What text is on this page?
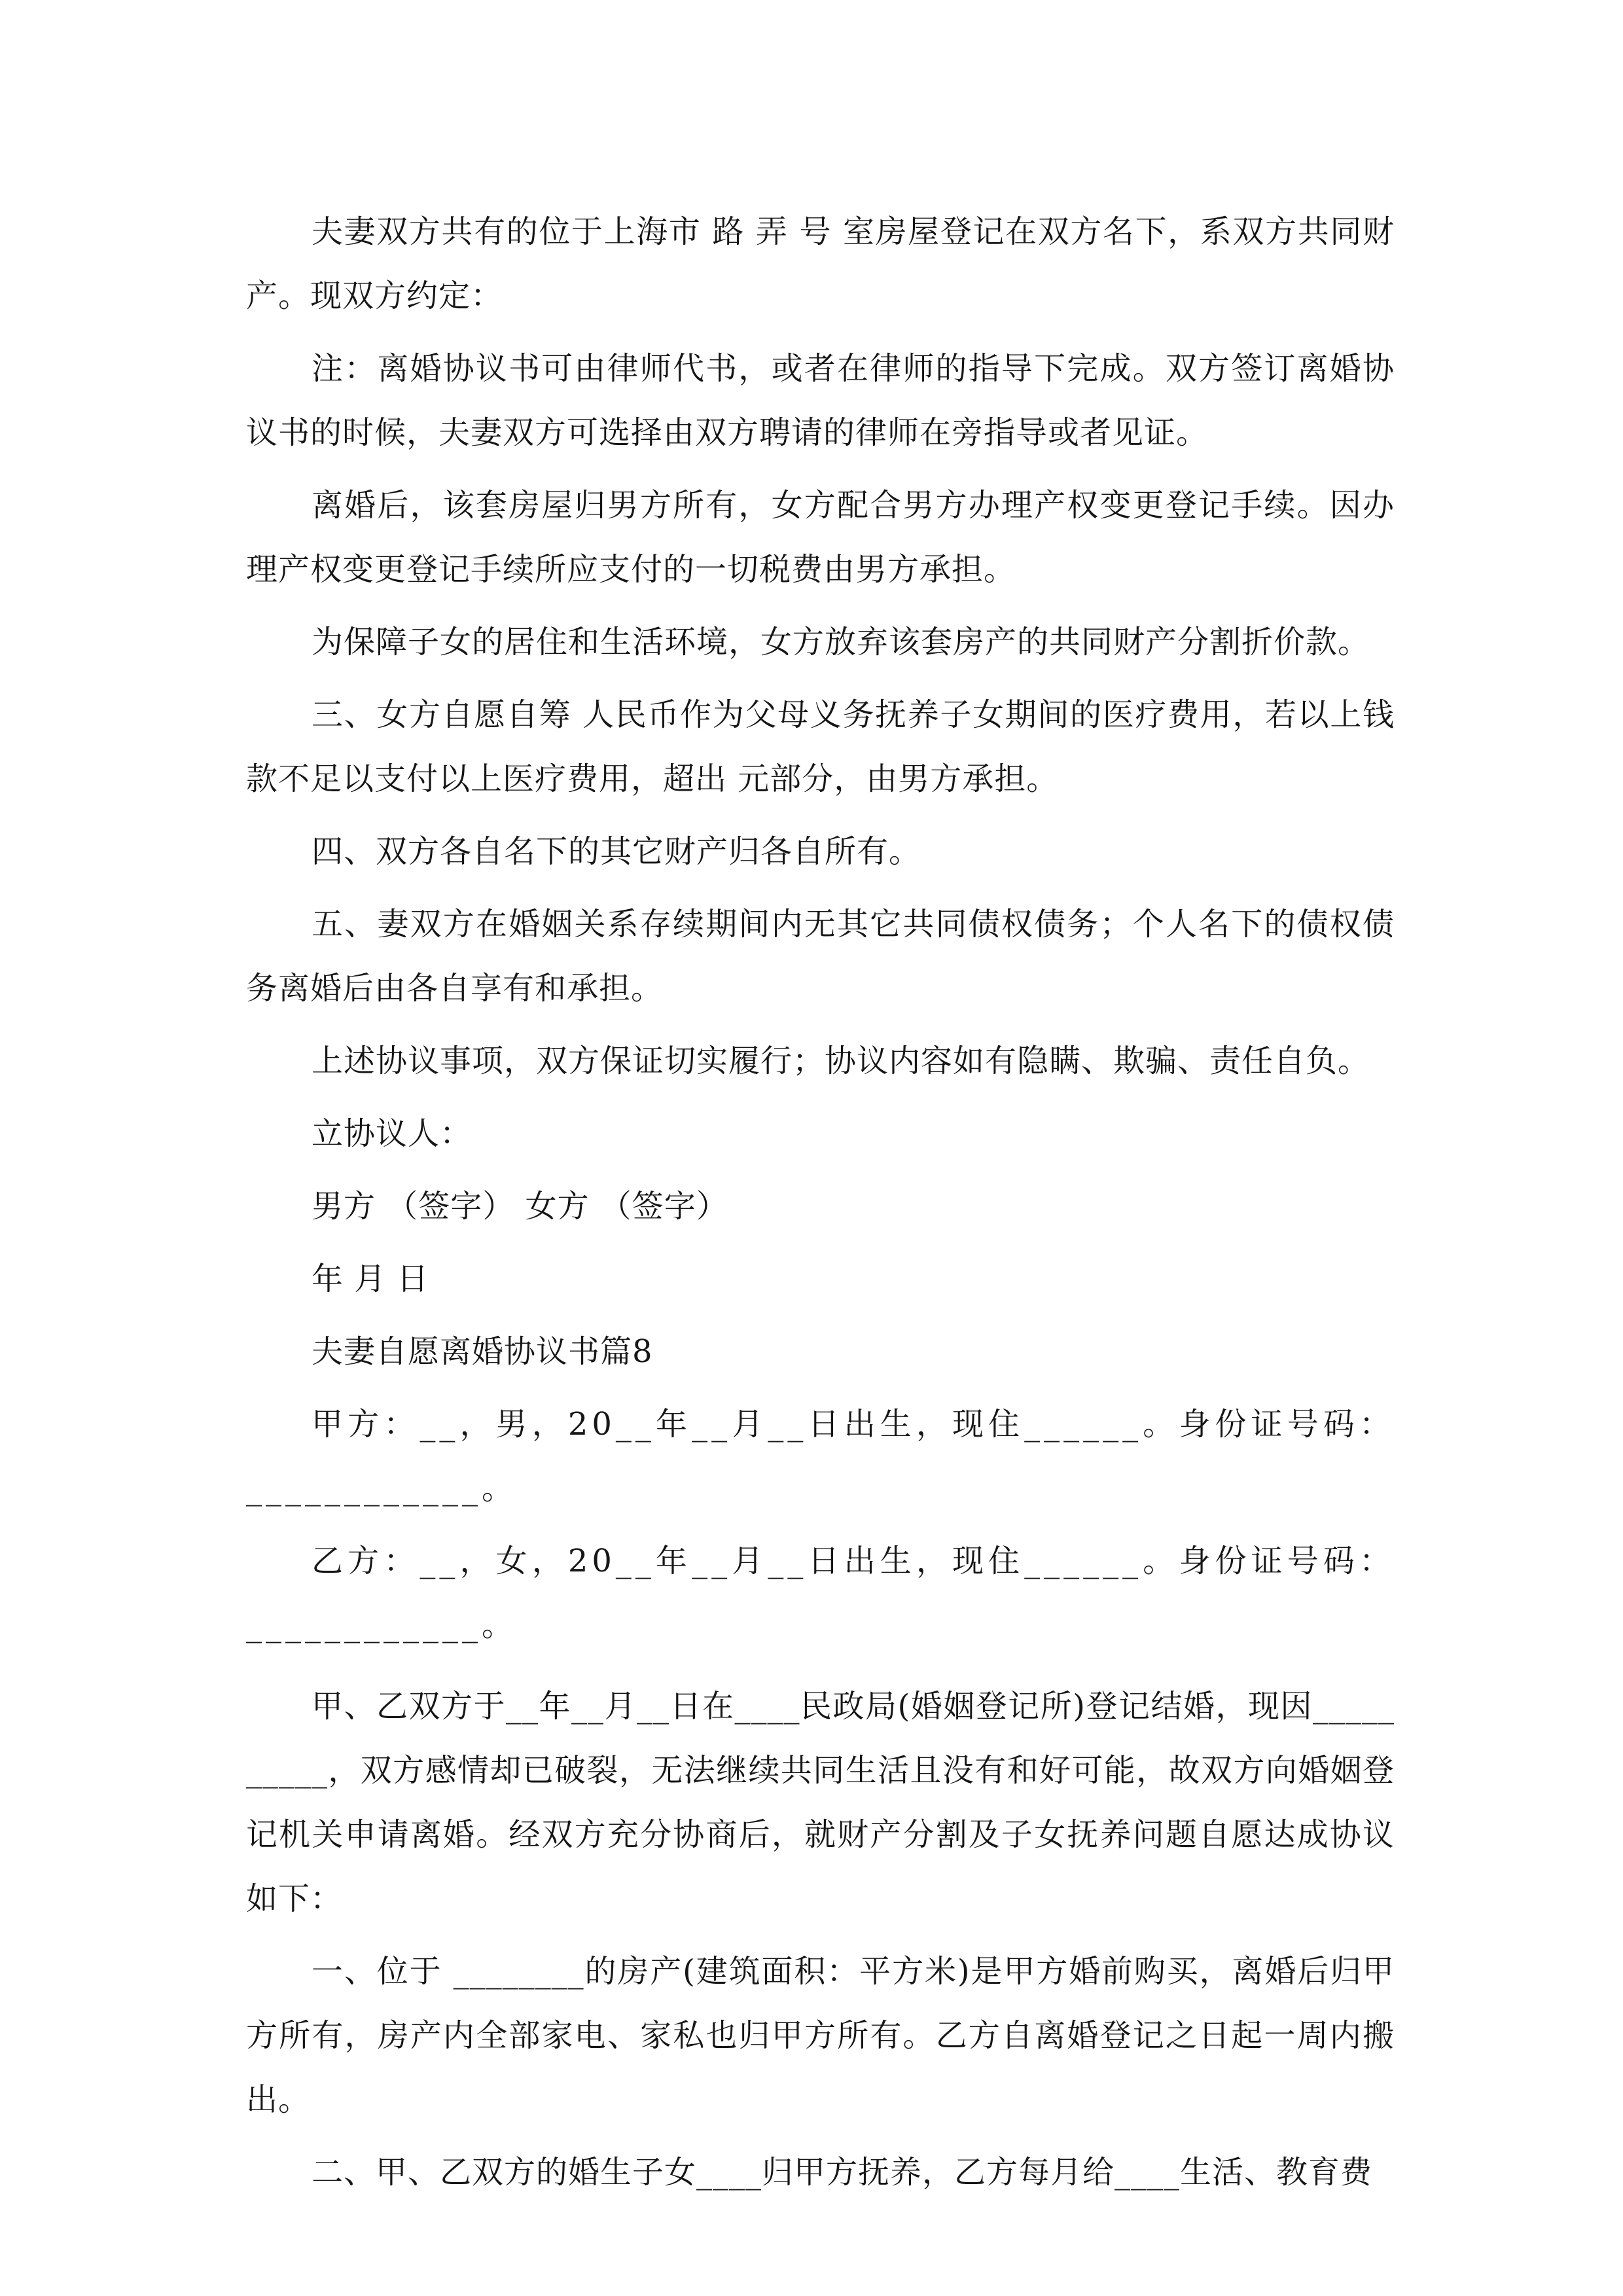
夫妻双方共有的位于上海市 路 弄 号 室房屋登记在双方名下，系双方共同财产。现双方约定：

注：离婚协议书可由律师代书，或者在律师的指导下完成。双方签订离婚协议书的时候，夫妻双方可选择由双方聘请的律师在旁指导或者见证。

离婚后，该套房屋归男方所有，女方配合男方办理产权变更登记手续。因办理产权变更登记手续所应支付的一切税费由男方承担。

为保障子女的居住和生活环境，女方放弃该套房产的共同财产分割折价款。

三、女方自愿自筹 人民币作为父母义务抚养子女期间的医疗费用，若以上钱款不足以支付以上医疗费用，超出 元部分，由男方承担。

四、双方各自名下的其它财产归各自所有。

五、妻双方在婚姻关系存续期间内无其它共同债权债务；个人名下的债权债务离婚后由各自享有和承担。

上述协议事项，双方保证切实履行；协议内容如有隐瞒、欺骗、责任自负。

立协议人：

男方 （签字） 女方 （签字）

年 月 日

夫妻自愿离婚协议书篇8

甲方：__，男，20__年__月__日出生，现住______。身份证号码：____________。

乙方：__，女，20__年__月__日出生，现住______。身份证号码：____________。

甲、乙双方于__年__月__日在____民政局(婚姻登记所)登记结婚，现因__________，双方感情却已破裂，无法继续共同生活且没有和好可能，故双方向婚姻登记机关申请离婚。经双方充分协商后，就财产分割及子女抚养问题自愿达成协议如下：

一、位于 ________的房产(建筑面积：平方米)是甲方婚前购买，离婚后归甲方所有，房产内全部家电、家私也归甲方所有。乙方自离婚登记之日起一周内搬出。

二、甲、乙双方的婚生子女____归甲方抚养，乙方每月给____生活、教育费
